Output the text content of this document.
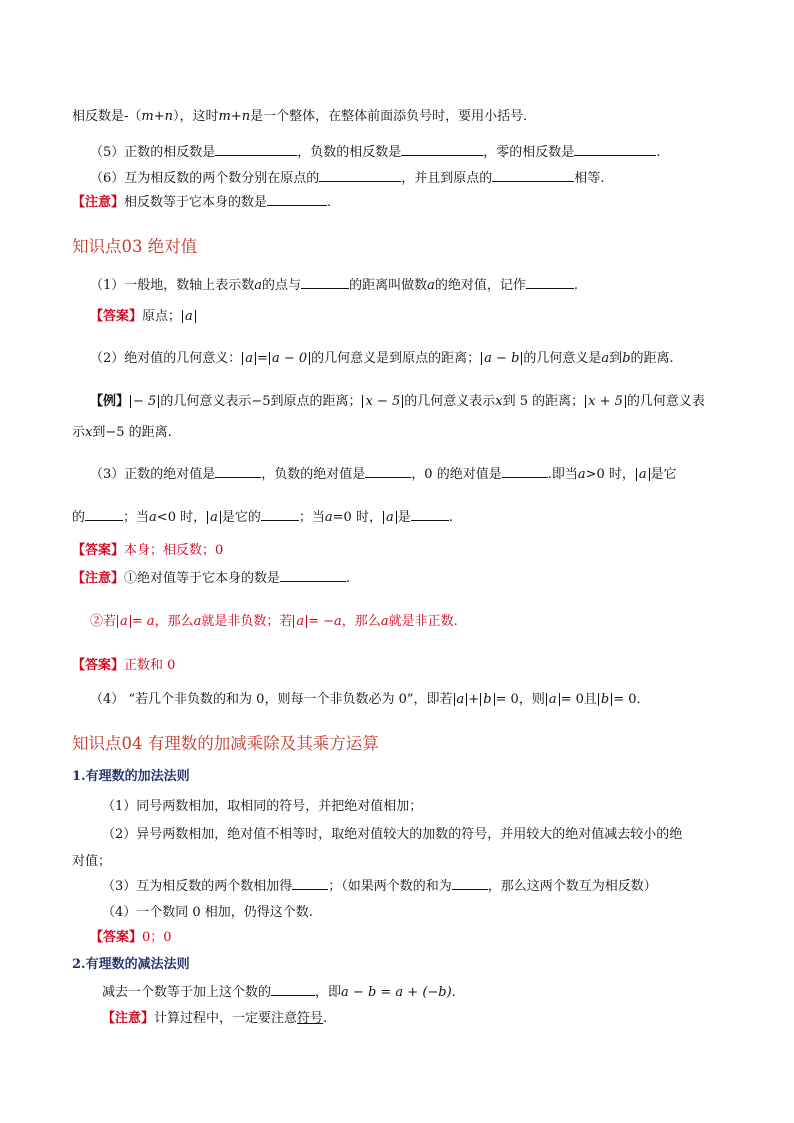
相反数是-（m+n），这时m+n是一个整体，在整体前面添负号时，要用小括号．
（5）正数的相反数是	，负数的相反数是	，零的相反数是	.
（6）互为相反数的两个数分别在原点的	，并且到原点的	相等.
【注意】相反数等于它本身的数是	.
知识点03 绝对值
（1）一般地，数轴上表示数a的点与	的距离叫做数a的绝对值，记作	.
【答案】原点； a
（2）绝对值的几何意义： a = a − 0 的几何意义是到原点的距离； a − b 的几何意义是a到b的距离.
【例】 − 5 的几何意义表示−5到原点的距离； x − 5 的几何意义表示x到 5 的距离； x + 5 的几何意义表
示x到−5 的距离.
（3）正数的绝对值是	，负数的绝对值是	，0 的绝对值是	.即当a>0 时， a 是它
的	；当a<0 时， a 是它的	；当a=0 时， a 是	.
【答案】本身；相反数；0
【注意】①绝对值等于它本身的数是	.
②若 a = a，那么a就是非负数；若 a = −a，那么a就是非正数.
【答案】正数和 0
（4） “若几个非负数的和为 0，则每一个非负数必为 0”，即若 a + b = 0，则 a = 0且 b = 0．
知识点04 有理数的加减乘除及其乘方运算
1.有理数的加法法则
（1）同号两数相加，取相同的符号，并把绝对值相加；
（2）异号两数相加，绝对值不相等时，取绝对值较大的加数的符号，并用较大的绝对值减去较小的绝
对值；
（3）互为相反数的两个数相加得	；（如果两个数的和为	，那么这两个数互为相反数）
（4）一个数同 0 相加，仍得这个数.
【答案】0；0
2.有理数的减法法则
减去一个数等于加上这个数的	，即a − b = a + (−b).
【注意】计算过程中，一定要注意符号.
